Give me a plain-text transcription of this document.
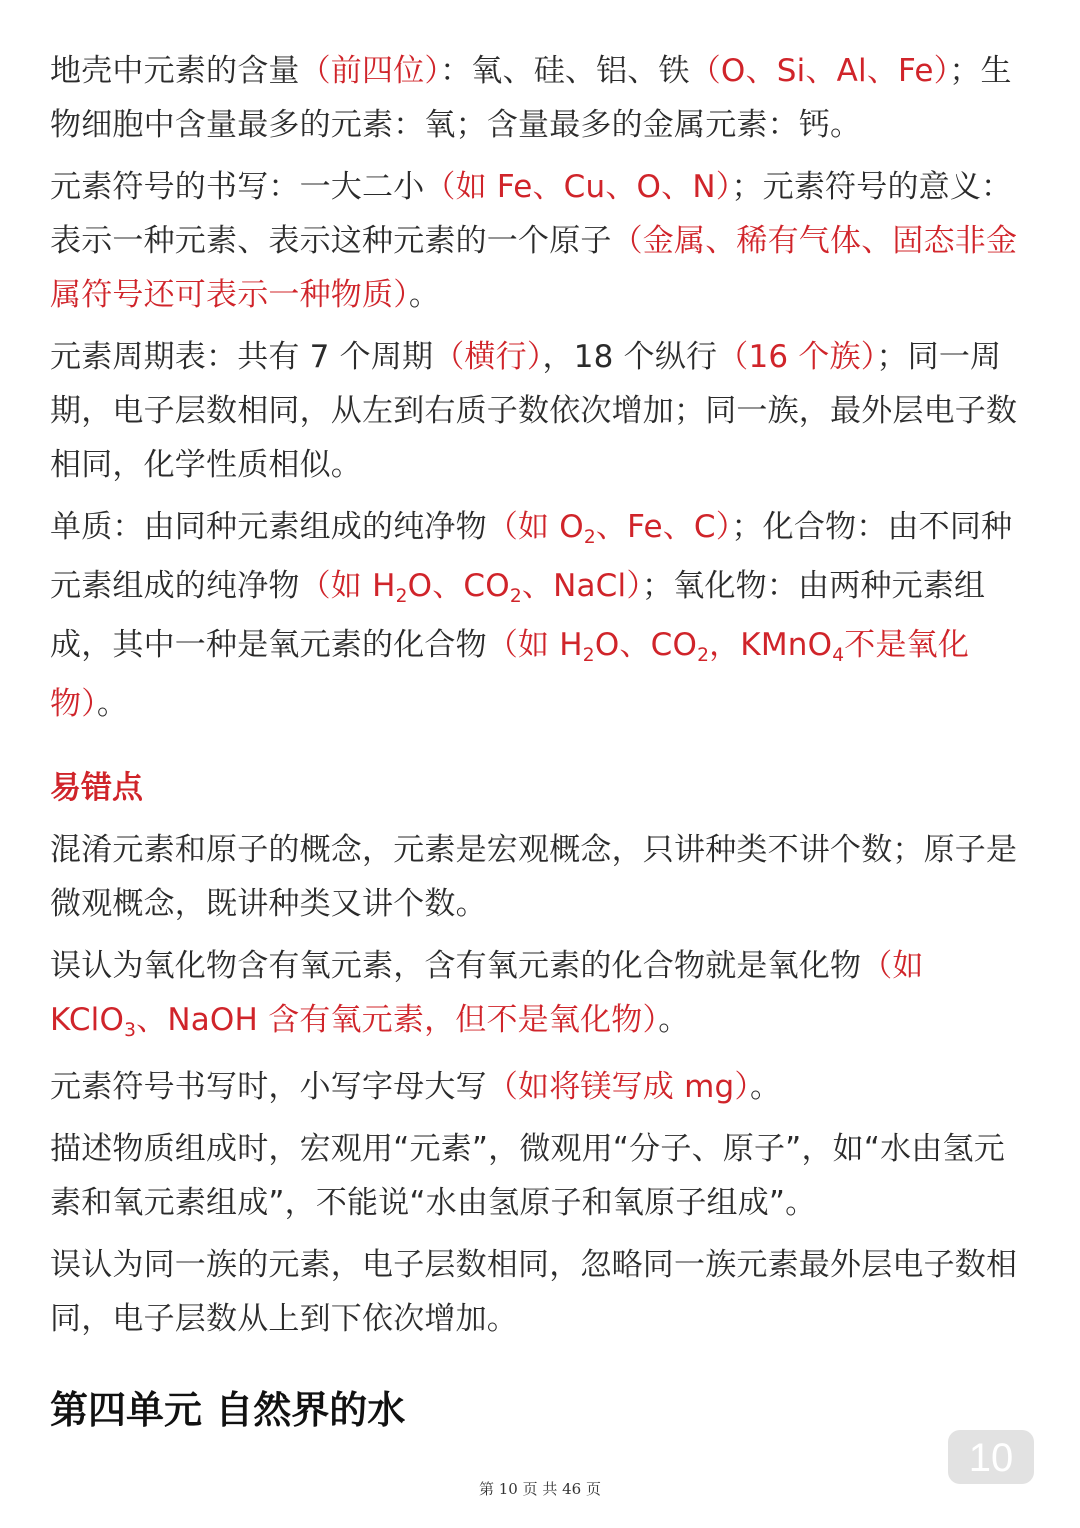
地壳中元素的含量（前四位）：氧、硅、铝、铁（O、Si、Al、Fe）；生物细胞中含量最多的元素：氧；含量最多的金属元素：钙。

元素符号的书写：一大二小（如 Fe、Cu、O、N）；元素符号的意义：表示一种元素、表示这种元素的一个原子（金属、稀有气体、固态非金属符号还可表示一种物质）。

元素周期表：共有 7 个周期（横行），18 个纵行（16 个族）；同一周期，电子层数相同，从左到右质子数依次增加；同一族，最外层电子数相同，化学性质相似。

单质：由同种元素组成的纯净物（如 O2、Fe、C）；化合物：由不同种元素组成的纯净物（如 H2O、CO2、NaCl）；氧化物：由两种元素组成，其中一种是氧元素的化合物（如 H2O、CO2，KMnO4不是氧化物）。

易错点

混淆元素和原子的概念，元素是宏观概念，只讲种类不讲个数；原子是微观概念，既讲种类又讲个数。

误认为氧化物含有氧元素，含有氧元素的化合物就是氧化物（如 KClO3、NaOH 含有氧元素，但不是氧化物）。

元素符号书写时，小写字母大写（如将镁写成 mg）。

描述物质组成时，宏观用“元素”，微观用“分子、原子”，如“水由氢元素和氧元素组成”，不能说“水由氢原子和氧原子组成”。

误认为同一族的元素，电子层数相同，忽略同一族元素最外层电子数相同，电子层数从上到下依次增加。

第四单元 自然界的水
10
第 10 页 共 46 页
